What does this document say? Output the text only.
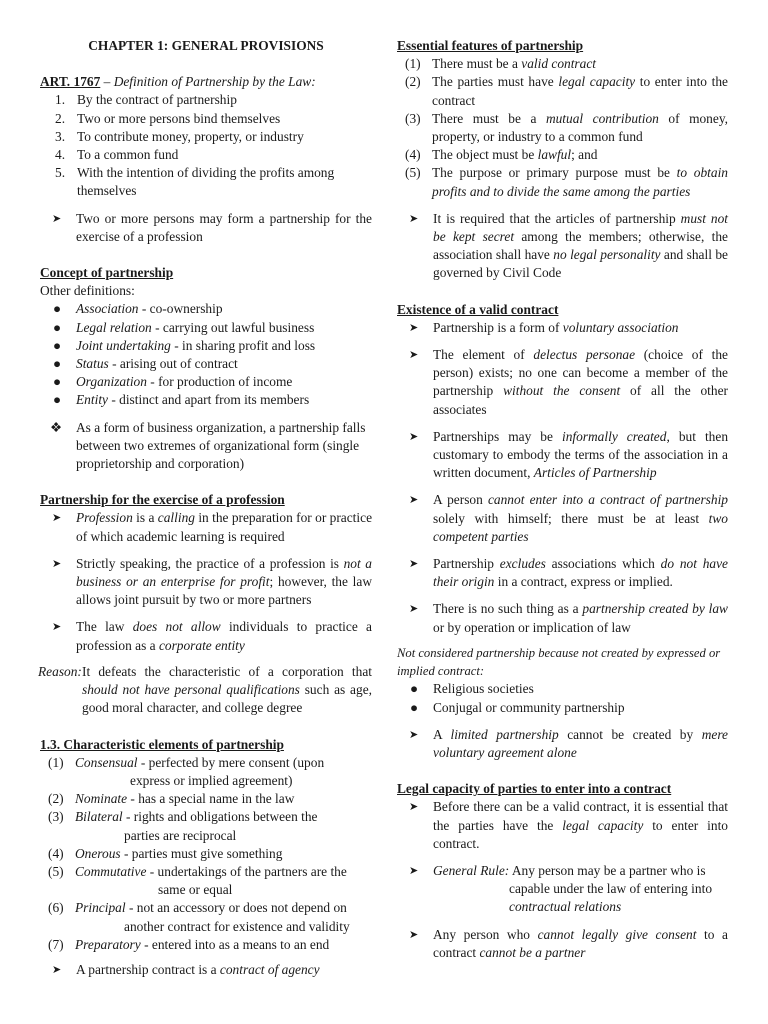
CHAPTER 1: GENERAL PROVISIONS

ART. 1767 – Definition of Partnership by the Law:

1. By the contract of partnership
2. Two or more persons bind themselves
3. To contribute money, property, or industry
4. To a common fund
5. With the intention of dividing the profits among themselves
➤ Two or more persons may form a partnership for the exercise of a profession

Concept of partnership

Other definitions:

● Association - co-ownership
● Legal relation - carrying out lawful business
● Joint undertaking - in sharing profit and loss
● Status - arising out of contract
● Organization - for production of income
● Entity - distinct and apart from its members
❖ As a form of business organization, a partnership falls between two extremes of organizational form (single proprietorship and corporation)

Partnership for the exercise of a profession

➤ Profession is a calling in the preparation for or practice of which academic learning is required
➤ Strictly speaking, the practice of a profession is not a business or an enterprise for profit; however, the law allows joint pursuit by two or more partners
➤ The law does not allow individuals to practice a profession as a corporate entity
Reason: It defeats the characteristic of a corporation that should not have personal qualifications such as age, good moral character, and college degree

1.3. Characteristic elements of partnership

(1) Consensual - perfected by mere consent (upon
express or implied agreement)
(2) Nominate - has a special name in the law
(3) Bilateral - rights and obligations between the
parties are reciprocal
(4) Onerous - parties must give something
(5) Commutative - undertakings of the partners are the
same or equal
(6) Principal - not an accessory or does not depend on
another contract for existence and validity
(7) Preparatory - entered into as a means to an end
➤ A partnership contract is a contract of agency

Essential features of partnership

(1) There must be a valid contract
(2) The parties must have legal capacity to enter into the contract
(3) There must be a mutual contribution of money, property, or industry to a common fund
(4) The object must be lawful; and
(5) The purpose or primary purpose must be to obtain profits and to divide the same among the parties
➤ It is required that the articles of partnership must not be kept secret among the members; otherwise, the association shall have no legal personality and shall be governed by Civil Code

Existence of a valid contract

➤ Partnership is a form of voluntary association
➤ The element of delectus personae (choice of the person) exists; no one can become a member of the partnership without the consent of all the other associates
➤ Partnerships may be informally created, but then customary to embody the terms of the association in a written document, Articles of Partnership
➤ A person cannot enter into a contract of partnership solely with himself; there must be at least two competent parties
➤ Partnership excludes associations which do not have their origin in a contract, express or implied.
➤ There is no such thing as a partnership created by law or by operation or implication of law

Not considered partnership because not created by expressed or implied contract:

● Religious societies
● Conjugal or community partnership
➤ A limited partnership cannot be created by mere voluntary agreement alone

Legal capacity of parties to enter into a contract

➤ Before there can be a valid contract, it is essential that the parties have the legal capacity to enter into contract.
➤ General Rule: Any person may be a partner who is
capable under the law of entering into
contractual relations
➤ Any person who cannot legally give consent to a contract cannot be a partner
